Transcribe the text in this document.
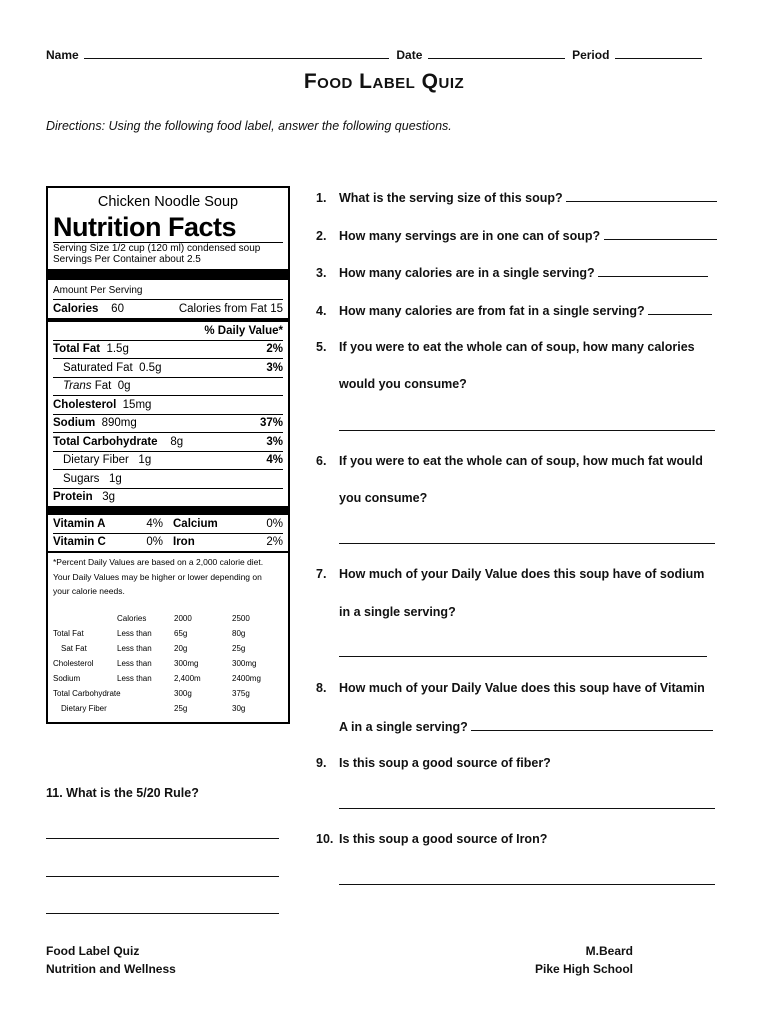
Name	Date	Period
Food Label Quiz
Directions: Using the following food label, answer the following questions.
Chicken Noodle Soup
Nutrition Facts
Serving Size 1/2 cup (120 ml) condensed soup
Servings Per Container about 2.5
Amount Per Serving
Calories 60	Calories from Fat 15
% Daily Value*
Total Fat 1.5g	2%
Saturated Fat 0.5g	3%
Trans Fat 0g
Cholesterol 15mg
Sodium 890mg	37%
Total Carbohydrate 8g	3%
Dietary Fiber 1g	4%
Sugars 1g
Protein 3g
Vitamin A	4% Calcium	0%
Vitamin C	0% Iron	2%
*Percent Daily Values are based on a 2,000 calorie diet.
Your Daily Values may be higher or lower depending on
your calorie needs.
	Calories	2000	2500
Total Fat	Less than	65g	80g
Sat Fat	Less than	20g	25g
Cholesterol	Less than	300mg	300mg
Sodium	Less than	2,400m	2400mg
Total Carbohydrate		300g	375g
Dietary Fiber		25g	30g
1. What is the serving size of this soup?
2. How many servings are in one can of soup?
3. How many calories are in a single serving?
4. How many calories are from fat in a single serving?
5. If you were to eat the whole can of soup, how many calories
would you consume?
6. If you were to eat the whole can of soup, how much fat would
you consume?
7. How much of your Daily Value does this soup have of sodium
in a single serving?
8. How much of your Daily Value does this soup have of Vitamin
A in a single serving?
9. Is this soup a good source of fiber?
10. Is this soup a good source of Iron?
11. What is the 5/20 Rule?
Food Label Quiz
Nutrition and Wellness
M.Beard
Pike High School
